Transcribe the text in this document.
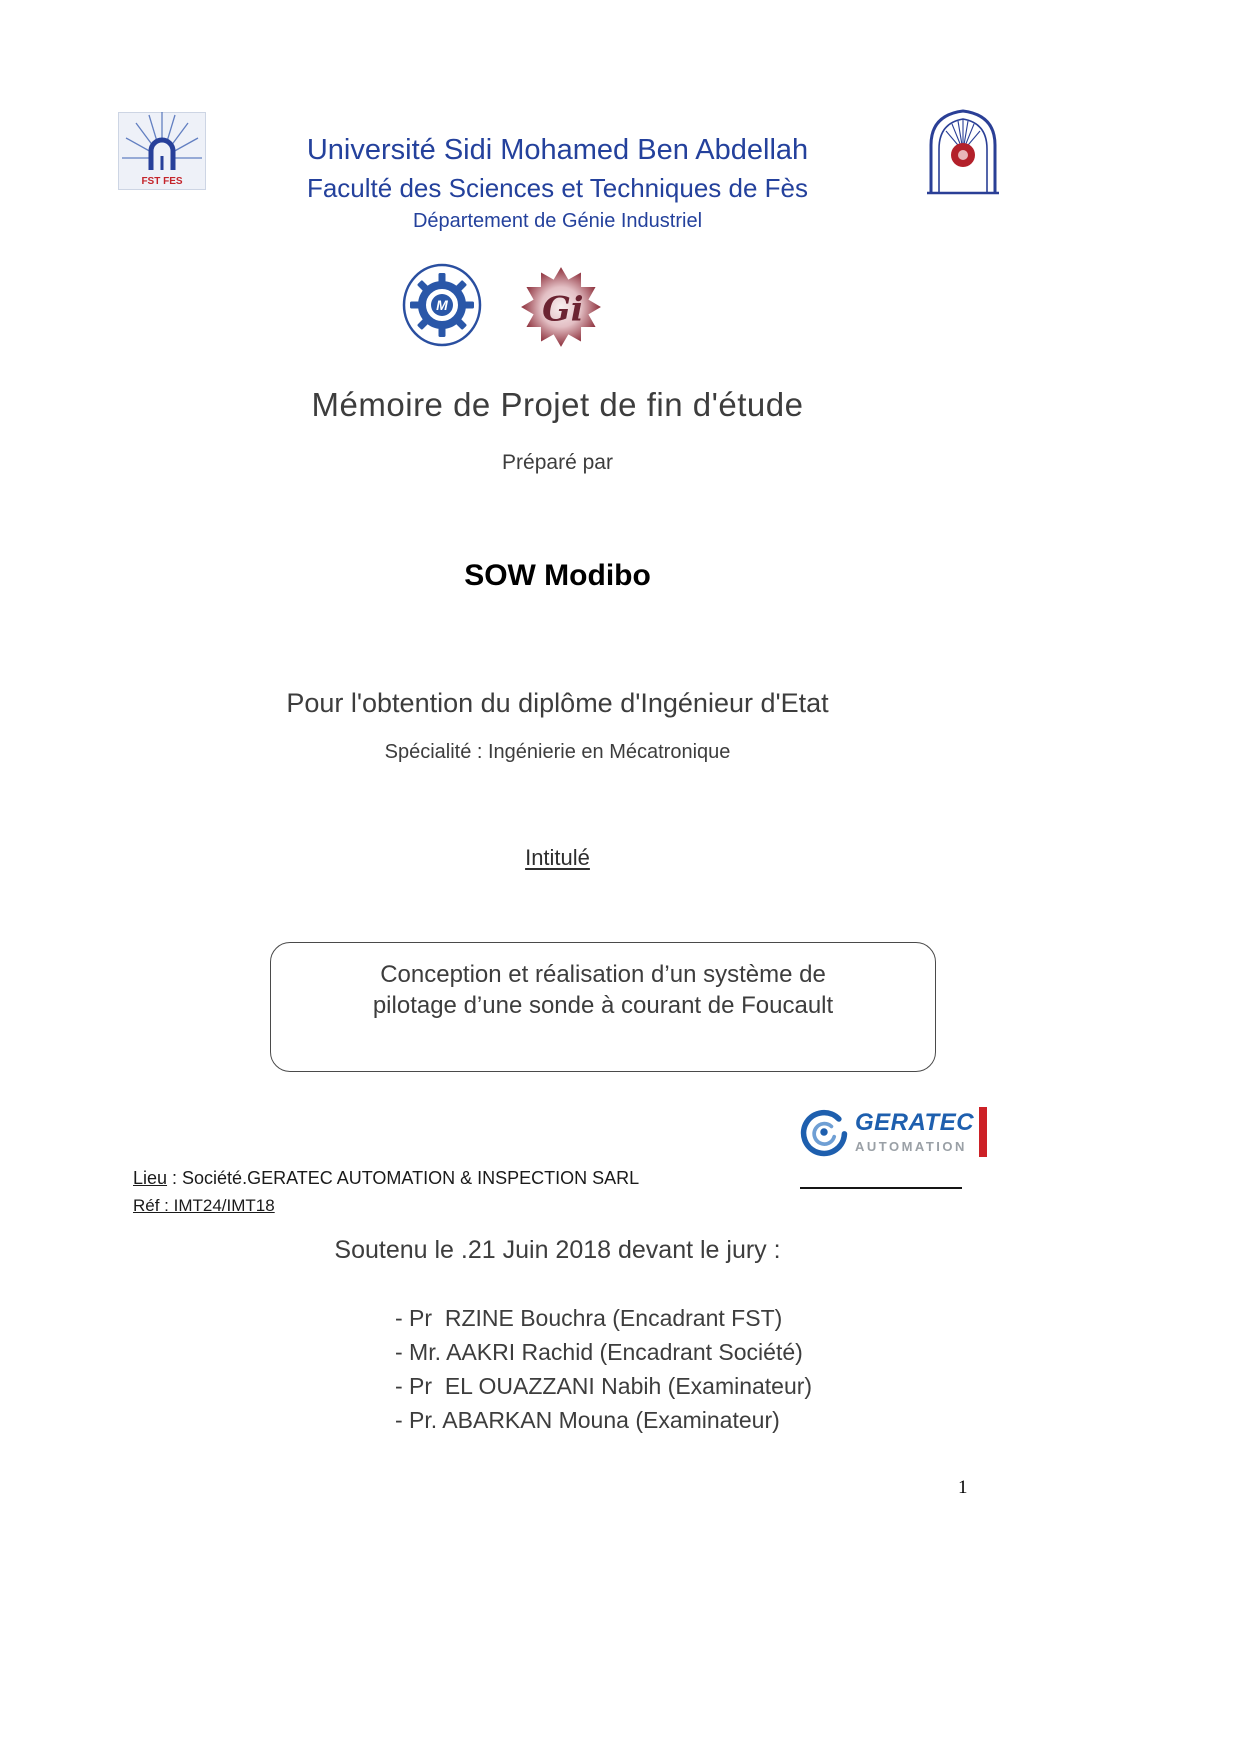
FST FES
Université Sidi Mohamed Ben Abdellah
Faculté des Sciences et Techniques de Fès
Département de Génie Industriel
M	Gi
Mémoire de Projet de fin d'étude
Préparé par
SOW Modibo
Pour l'obtention du diplôme d'Ingénieur d'Etat
Spécialité : Ingénierie en Mécatronique
Intitulé
Conception et réalisation d’un système de
pilotage d’une sonde à courant de Foucault
GERATEC
AUTOMATION
Lieu : Société.GERATEC AUTOMATION & INSPECTION SARL
Réf : IMT24/IMT18
Soutenu le .21 Juin 2018 devant le jury :
- Pr  RZINE Bouchra (Encadrant FST)
- Mr. AAKRI Rachid (Encadrant Société)
- Pr  EL OUAZZANI Nabih (Examinateur)
- Pr. ABARKAN Mouna (Examinateur)
1
